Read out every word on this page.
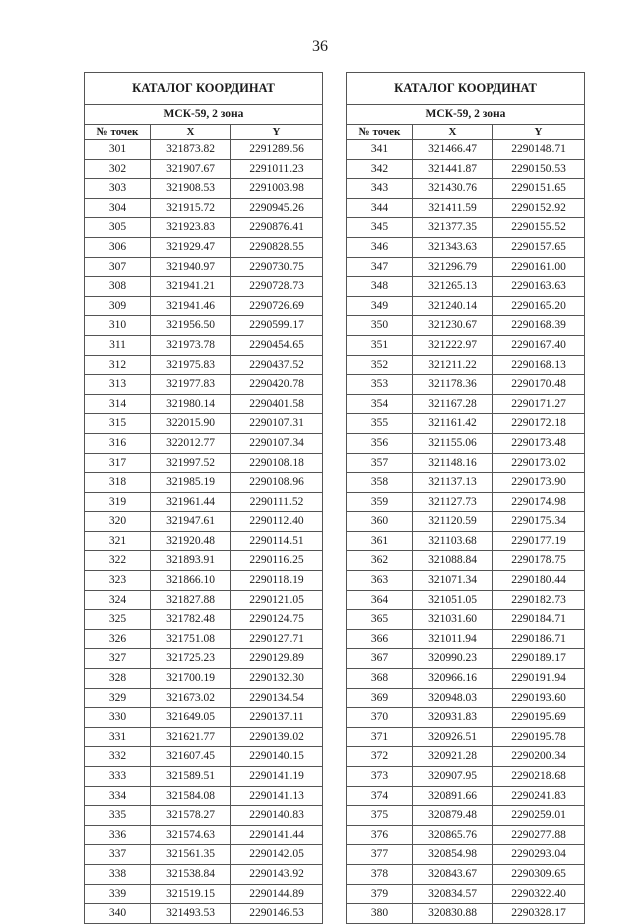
36
КАТАЛОГ КООРДИНАТ		
МСК-59, 2 зона		
№ точек	X	Y
301	321873.82	2291289.56
302	321907.67	2291011.23
303	321908.53	2291003.98
304	321915.72	2290945.26
305	321923.83	2290876.41
306	321929.47	2290828.55
307	321940.97	2290730.75
308	321941.21	2290728.73
309	321941.46	2290726.69
310	321956.50	2290599.17
311	321973.78	2290454.65
312	321975.83	2290437.52
313	321977.83	2290420.78
314	321980.14	2290401.58
315	322015.90	2290107.31
316	322012.77	2290107.34
317	321997.52	2290108.18
318	321985.19	2290108.96
319	321961.44	2290111.52
320	321947.61	2290112.40
321	321920.48	2290114.51
322	321893.91	2290116.25
323	321866.10	2290118.19
324	321827.88	2290121.05
325	321782.48	2290124.75
326	321751.08	2290127.71
327	321725.23	2290129.89
328	321700.19	2290132.30
329	321673.02	2290134.54
330	321649.05	2290137.11
331	321621.77	2290139.02
332	321607.45	2290140.15
333	321589.51	2290141.19
334	321584.08	2290141.13
335	321578.27	2290140.83
336	321574.63	2290141.44
337	321561.35	2290142.05
338	321538.84	2290143.92
339	321519.15	2290144.89
340	321493.53	2290146.53
КАТАЛОГ КООРДИНАТ		
МСК-59, 2 зона		
№ точек	X	Y
341	321466.47	2290148.71
342	321441.87	2290150.53
343	321430.76	2290151.65
344	321411.59	2290152.92
345	321377.35	2290155.52
346	321343.63	2290157.65
347	321296.79	2290161.00
348	321265.13	2290163.63
349	321240.14	2290165.20
350	321230.67	2290168.39
351	321222.97	2290167.40
352	321211.22	2290168.13
353	321178.36	2290170.48
354	321167.28	2290171.27
355	321161.42	2290172.18
356	321155.06	2290173.48
357	321148.16	2290173.02
358	321137.13	2290173.90
359	321127.73	2290174.98
360	321120.59	2290175.34
361	321103.68	2290177.19
362	321088.84	2290178.75
363	321071.34	2290180.44
364	321051.05	2290182.73
365	321031.60	2290184.71
366	321011.94	2290186.71
367	320990.23	2290189.17
368	320966.16	2290191.94
369	320948.03	2290193.60
370	320931.83	2290195.69
371	320926.51	2290195.78
372	320921.28	2290200.34
373	320907.95	2290218.68
374	320891.66	2290241.83
375	320879.48	2290259.01
376	320865.76	2290277.88
377	320854.98	2290293.04
378	320843.67	2290309.65
379	320834.57	2290322.40
380	320830.88	2290328.17
